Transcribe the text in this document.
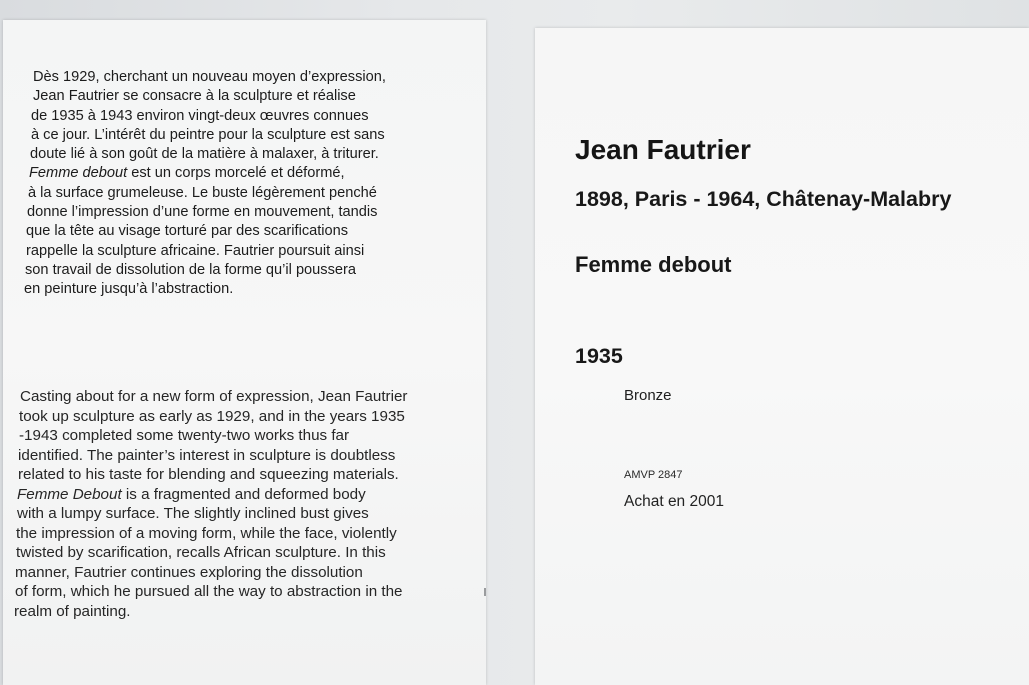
Dès 1929, cherchant un nouveau moyen d’expression,
Jean Fautrier se consacre à la sculpture et réalise
de 1935 à 1943 environ vingt-deux œuvres connues
à ce jour. L’intérêt du peintre pour la sculpture est sans
doute lié à son goût de la matière à malaxer, à triturer.
Femme debout est un corps morcelé et déformé,
à la surface grumeleuse. Le buste légèrement penché
donne l’impression d’une forme en mouvement, tandis
que la tête au visage torturé par des scarifications
rappelle la sculpture africaine. Fautrier poursuit ainsi
son travail de dissolution de la forme qu’il poussera
en peinture jusqu’à l’abstraction.
Casting about for a new form of expression, Jean Fautrier
took up sculpture as early as 1929, and in the years 1935
-1943 completed some twenty-two works thus far
identified. The painter’s interest in sculpture is doubtless
related to his taste for blending and squeezing materials.
Femme Debout is a fragmented and deformed body
with a lumpy surface. The slightly inclined bust gives
the impression of a moving form, while the face, violently
twisted by scarification, recalls African sculpture. In this
manner, Fautrier continues exploring the dissolution
of form, which he pursued all the way to abstraction in the
realm of painting.
Jean Fautrier
1898, Paris - 1964, Châtenay-Malabry
Femme debout
1935
Bronze
AMVP 2847
Achat en 2001
